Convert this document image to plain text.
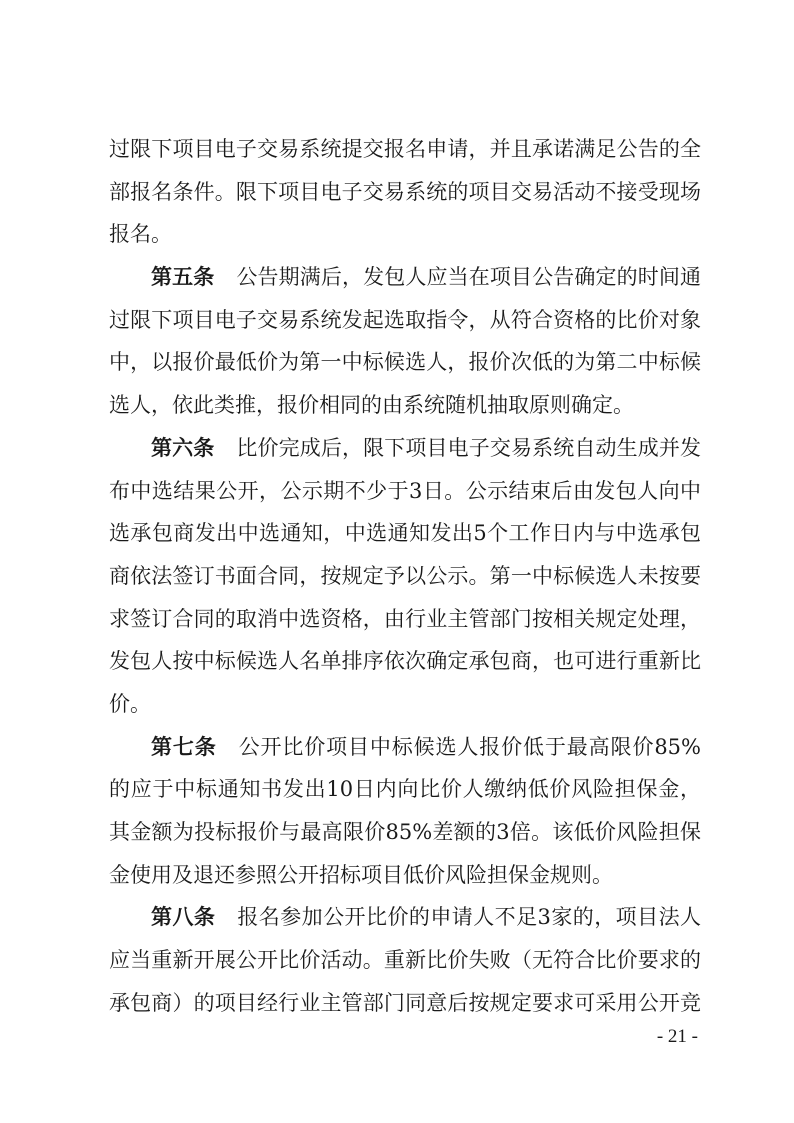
过限下项目电子交易系统提交报名申请，并且承诺满足公告的全
部报名条件。限下项目电子交易系统的项目交易活动不接受现场
报名。
第五条 公告期满后，发包人应当在项目公告确定的时间通
过限下项目电子交易系统发起选取指令，从符合资格的比价对象
中，以报价最低价为第一中标候选人，报价次低的为第二中标候
选人，依此类推，报价相同的由系统随机抽取原则确定。
第六条 比价完成后，限下项目电子交易系统自动生成并发
布中选结果公开，公示期不少于3日。公示结束后由发包人向中
选承包商发出中选通知，中选通知发出5个工作日内与中选承包
商依法签订书面合同，按规定予以公示。第一中标候选人未按要
求签订合同的取消中选资格，由行业主管部门按相关规定处理，
发包人按中标候选人名单排序依次确定承包商，也可进行重新比
价。
第七条 公开比价项目中标候选人报价低于最高限价85%
的应于中标通知书发出10日内向比价人缴纳低价风险担保金，
其金额为投标报价与最高限价85%差额的3倍。该低价风险担保
金使用及退还参照公开招标项目低价风险担保金规则。
第八条 报名参加公开比价的申请人不足3家的，项目法人
应当重新开展公开比价活动。重新比价失败（无符合比价要求的
承包商）的项目经行业主管部门同意后按规定要求可采用公开竞
- 21 -
